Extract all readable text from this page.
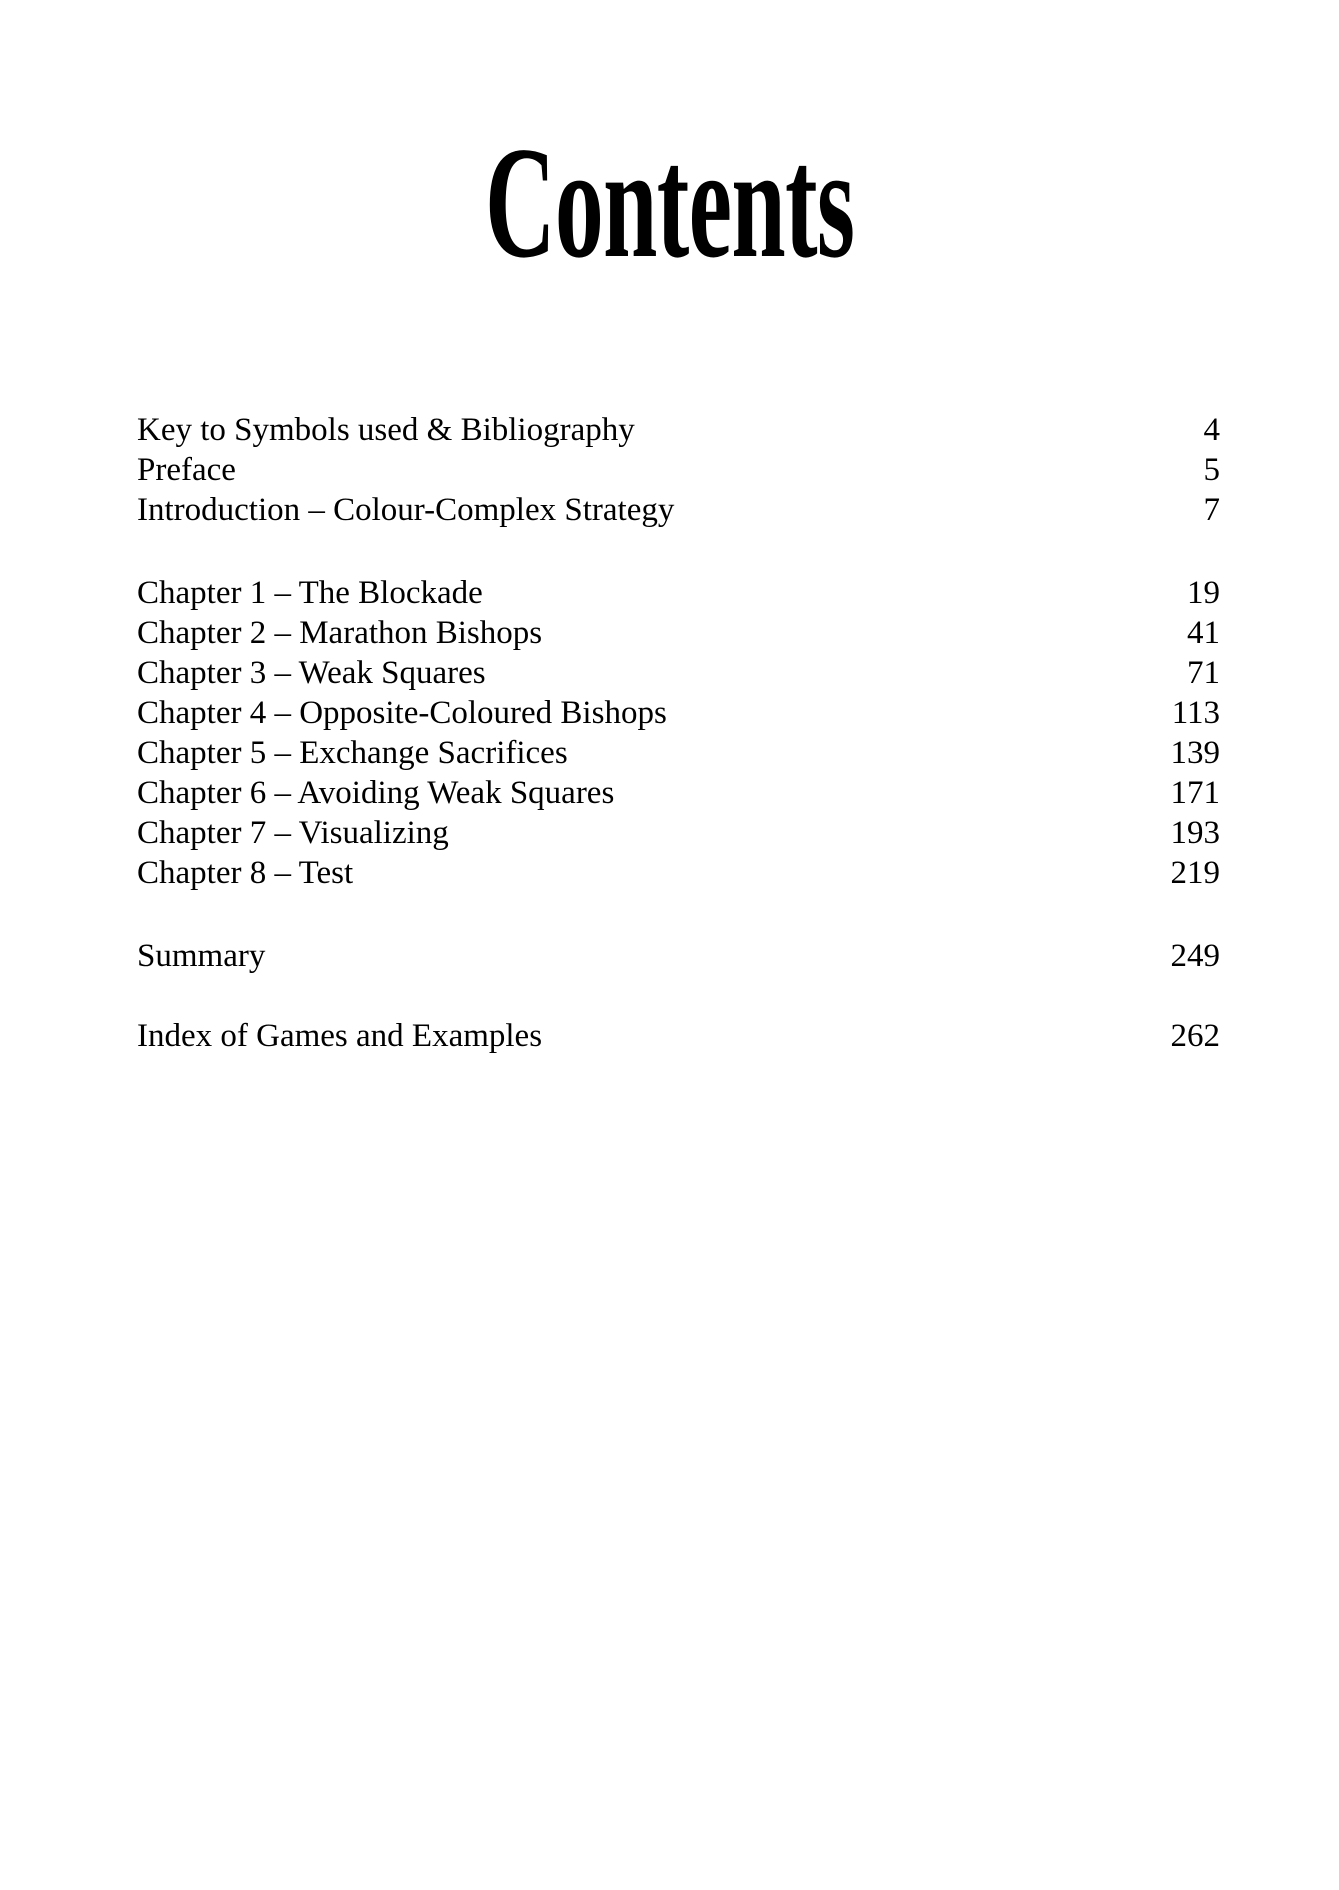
Contents
Key to Symbols used & Bibliography	4
Preface	5
Introduction – Colour-Complex Strategy	7
Chapter 1 – The Blockade	19
Chapter 2 – Marathon Bishops	41
Chapter 3 – Weak Squares	71
Chapter 4 – Opposite-Coloured Bishops	113
Chapter 5 – Exchange Sacrifices	139
Chapter 6 – Avoiding Weak Squares	171
Chapter 7 – Visualizing	193
Chapter 8 – Test	219
Summary	249
Index of Games and Examples	262
